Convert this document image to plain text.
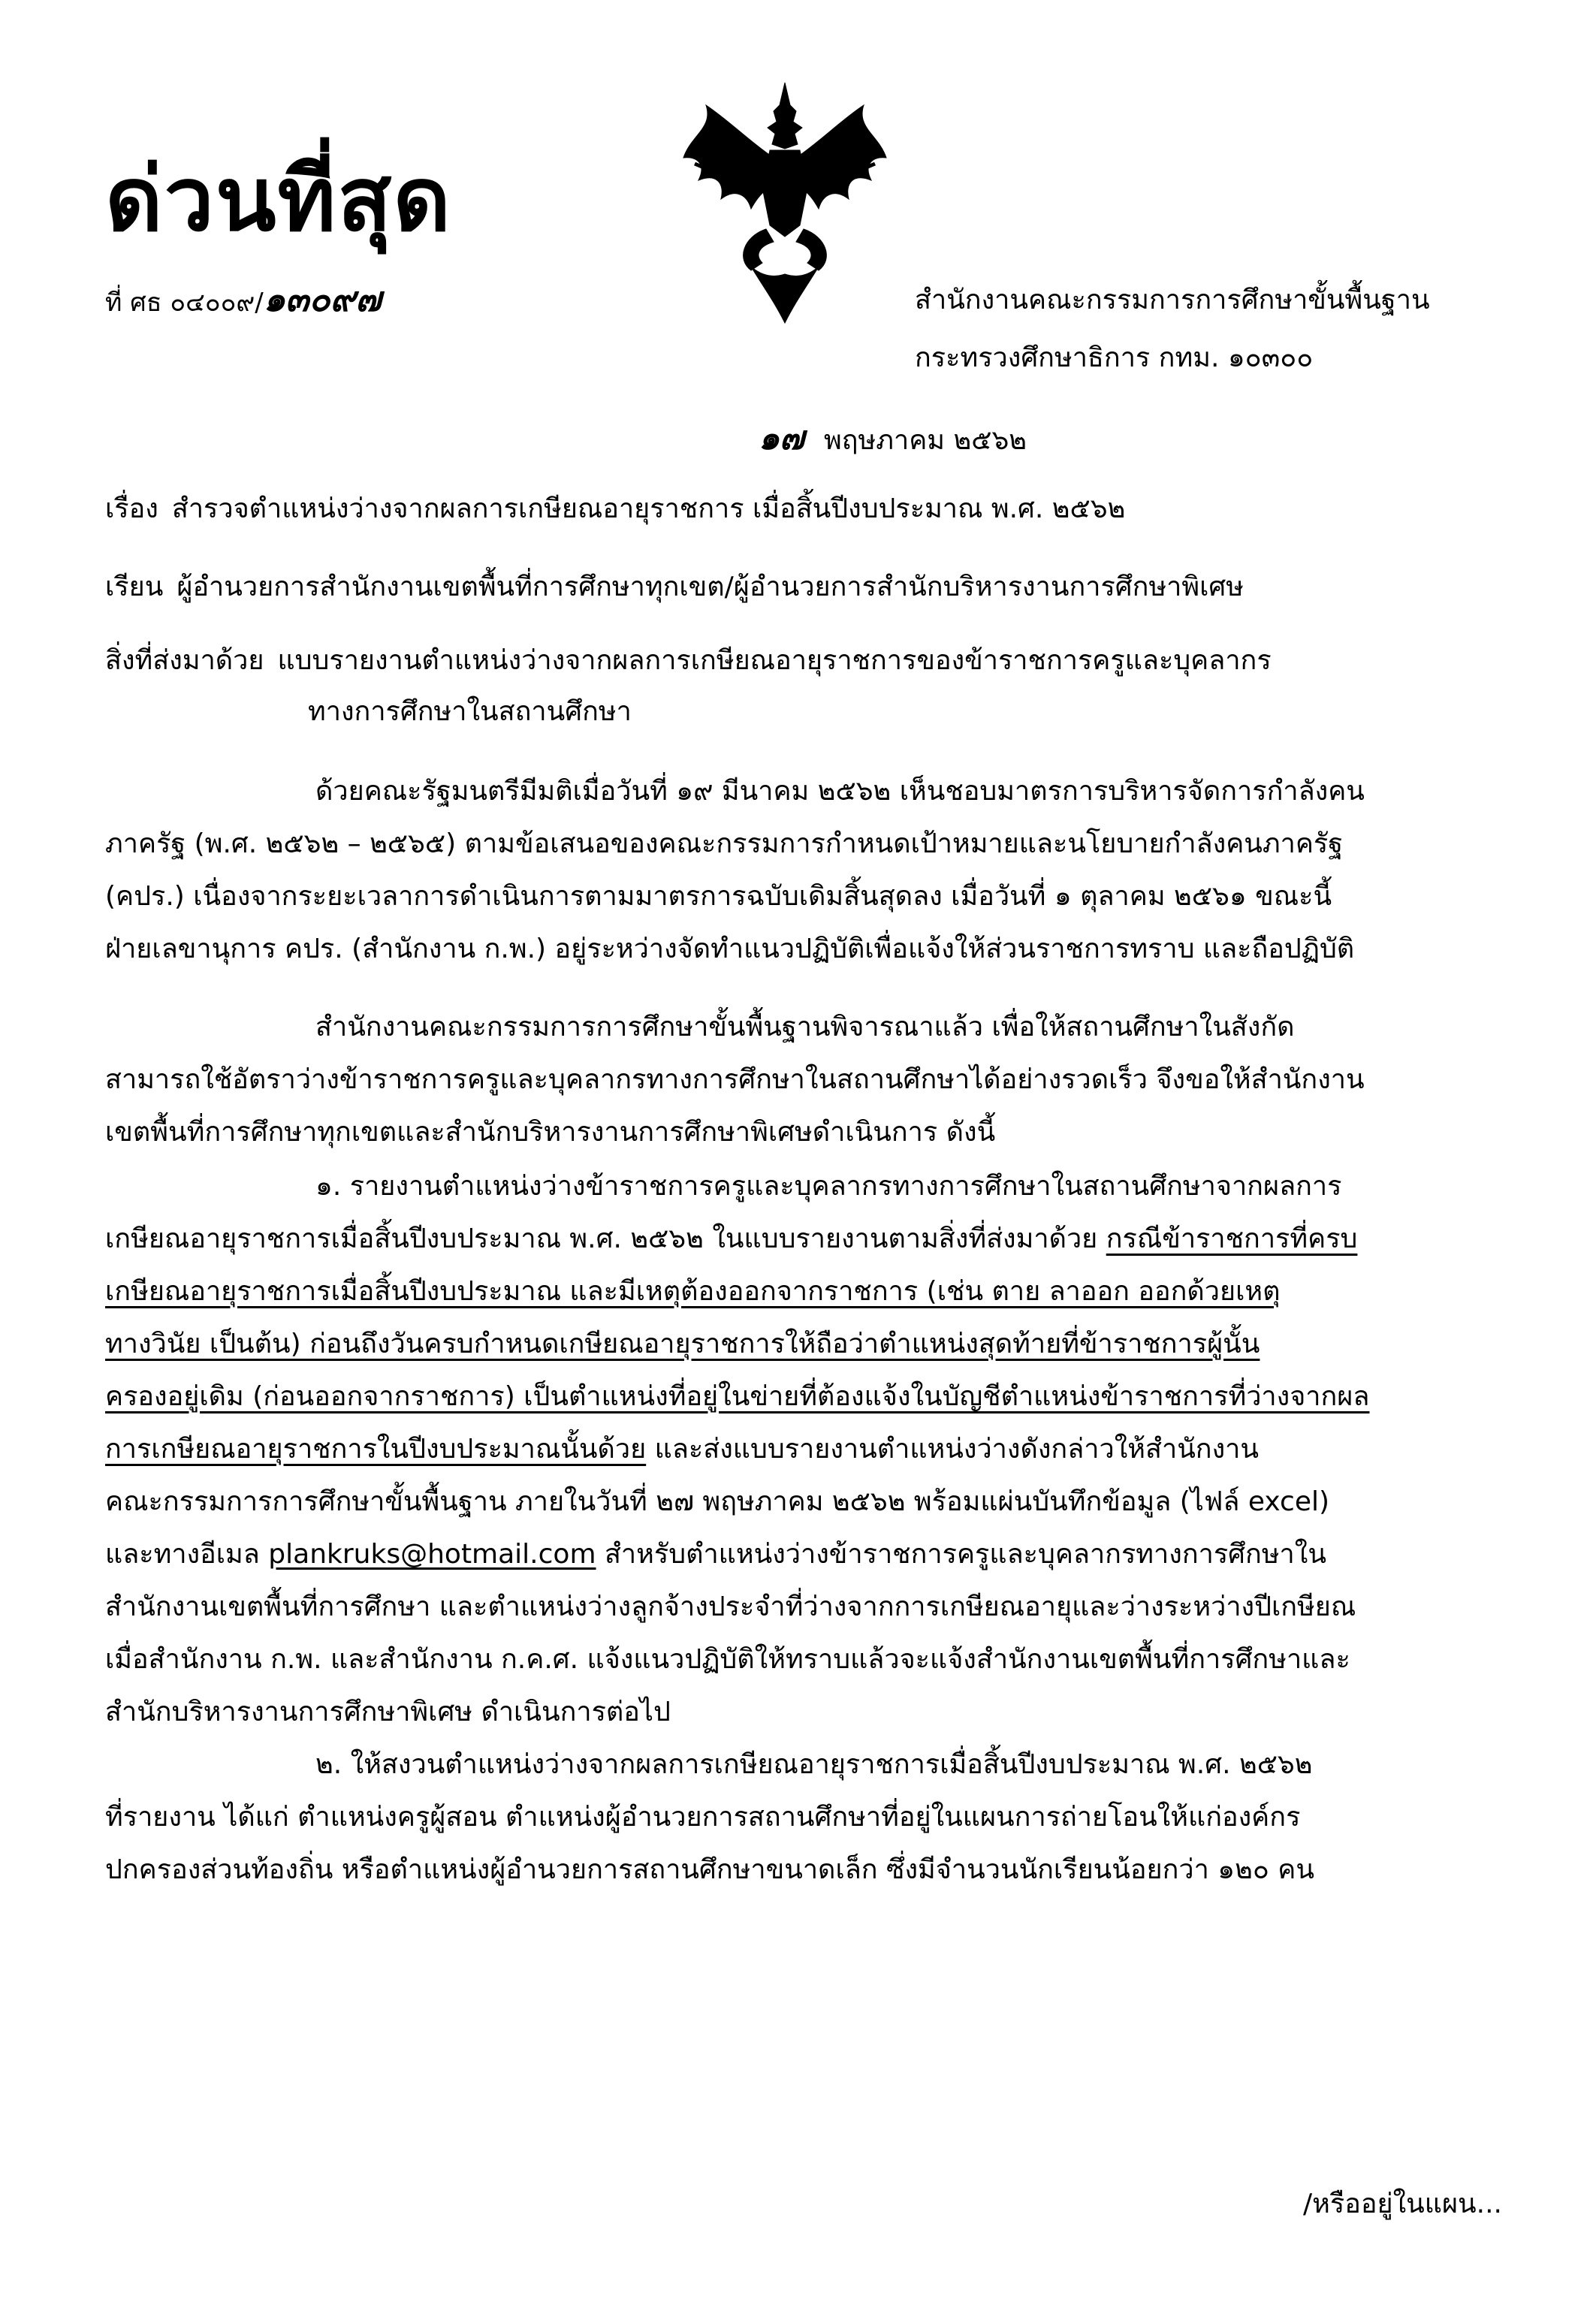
ด่วนที่สุด
ที่ ศธ ๐๔๐๐๙/๑๓๐๙๗	สำนักงานคณะกรรมการการศึกษาขั้นพื้นฐาน
กระทรวงศึกษาธิการ กทม. ๑๐๓๐๐
๑๗ พฤษภาคม ๒๕๖๒
เรื่อง สำรวจตำแหน่งว่างจากผลการเกษียณอายุราชการ เมื่อสิ้นปีงบประมาณ พ.ศ. ๒๕๖๒
เรียน ผู้อำนวยการสำนักงานเขตพื้นที่การศึกษาทุกเขต/ผู้อำนวยการสำนักบริหารงานการศึกษาพิเศษ
สิ่งที่ส่งมาด้วย แบบรายงานตำแหน่งว่างจากผลการเกษียณอายุราชการของข้าราชการครูและบุคลากร
ทางการศึกษาในสถานศึกษา
ด้วยคณะรัฐมนตรีมีมติเมื่อวันที่ ๑๙ มีนาคม ๒๕๖๒ เห็นชอบมาตรการบริหารจัดการกำลังคน
ภาครัฐ (พ.ศ. ๒๕๖๒ – ๒๕๖๕) ตามข้อเสนอของคณะกรรมการกำหนดเป้าหมายและนโยบายกำลังคนภาครัฐ
(คปร.) เนื่องจากระยะเวลาการดำเนินการตามมาตรการฉบับเดิมสิ้นสุดลง เมื่อวันที่ ๑ ตุลาคม ๒๕๖๑ ขณะนี้
ฝ่ายเลขานุการ คปร. (สำนักงาน ก.พ.) อยู่ระหว่างจัดทำแนวปฏิบัติเพื่อแจ้งให้ส่วนราชการทราบ และถือปฏิบัติ
สำนักงานคณะกรรมการการศึกษาขั้นพื้นฐานพิจารณาแล้ว เพื่อให้สถานศึกษาในสังกัด
สามารถใช้อัตราว่างข้าราชการครูและบุคลากรทางการศึกษาในสถานศึกษาได้อย่างรวดเร็ว จึงขอให้สำนักงาน
เขตพื้นที่การศึกษาทุกเขตและสำนักบริหารงานการศึกษาพิเศษดำเนินการ ดังนี้
๑. รายงานตำแหน่งว่างข้าราชการครูและบุคลากรทางการศึกษาในสถานศึกษาจากผลการ
เกษียณอายุราชการเมื่อสิ้นปีงบประมาณ พ.ศ. ๒๕๖๒ ในแบบรายงานตามสิ่งที่ส่งมาด้วย กรณีข้าราชการที่ครบ
เกษียณอายุราชการเมื่อสิ้นปีงบประมาณ และมีเหตุต้องออกจากราชการ (เช่น ตาย ลาออก ออกด้วยเหตุ
ทางวินัย เป็นต้น) ก่อนถึงวันครบกำหนดเกษียณอายุราชการให้ถือว่าตำแหน่งสุดท้ายที่ข้าราชการผู้นั้น
ครองอยู่เดิม (ก่อนออกจากราชการ) เป็นตำแหน่งที่อยู่ในข่ายที่ต้องแจ้งในบัญชีตำแหน่งข้าราชการที่ว่างจากผล
การเกษียณอายุราชการในปีงบประมาณนั้นด้วย และส่งแบบรายงานตำแหน่งว่างดังกล่าวให้สำนักงาน
คณะกรรมการการศึกษาขั้นพื้นฐาน ภายในวันที่ ๒๗ พฤษภาคม ๒๕๖๒ พร้อมแผ่นบันทึกข้อมูล (ไฟล์ excel)
และทางอีเมล plankruks@hotmail.com สำหรับตำแหน่งว่างข้าราชการครูและบุคลากรทางการศึกษาใน
สำนักงานเขตพื้นที่การศึกษา และตำแหน่งว่างลูกจ้างประจำที่ว่างจากการเกษียณอายุและว่างระหว่างปีเกษียณ
เมื่อสำนักงาน ก.พ. และสำนักงาน ก.ค.ศ. แจ้งแนวปฏิบัติให้ทราบแล้วจะแจ้งสำนักงานเขตพื้นที่การศึกษาและ
สำนักบริหารงานการศึกษาพิเศษ ดำเนินการต่อไป
๒. ให้สงวนตำแหน่งว่างจากผลการเกษียณอายุราชการเมื่อสิ้นปีงบประมาณ พ.ศ. ๒๕๖๒
ที่รายงาน ได้แก่ ตำแหน่งครูผู้สอน ตำแหน่งผู้อำนวยการสถานศึกษาที่อยู่ในแผนการถ่ายโอนให้แก่องค์กร
ปกครองส่วนท้องถิ่น หรือตำแหน่งผู้อำนวยการสถานศึกษาขนาดเล็ก ซึ่งมีจำนวนนักเรียนน้อยกว่า ๑๒๐ คน
/หรืออยู่ในแผน...
